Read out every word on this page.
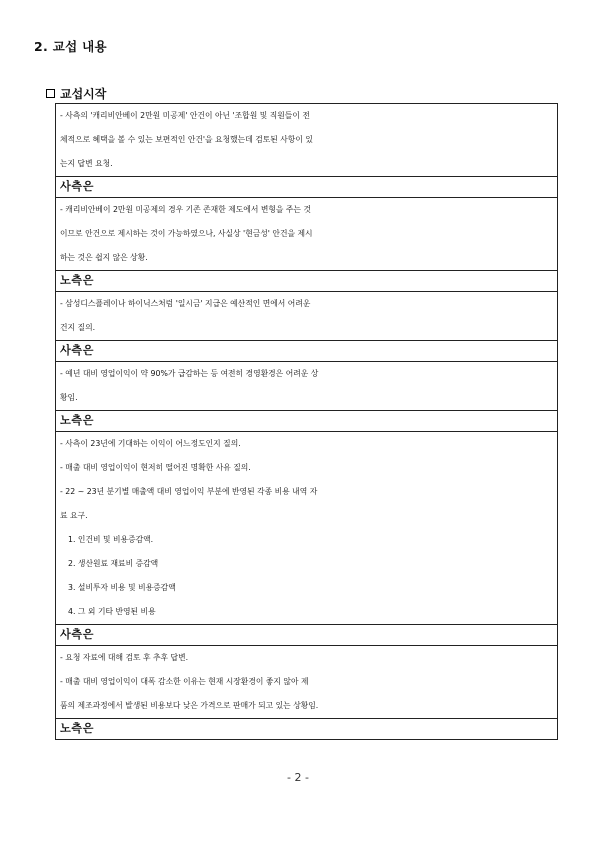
2. 교섭 내용
교섭시작
- 사측의 '캐리비안베이 2만원 미공제' 안건이 아닌 '조합원 및 직원들이 전
체적으로 혜택을 볼 수 있는 보편적인 안건'을 요청했는데 검토된 사항이 있
는지 답변 요청.

사측은

- 캐리비안베이 2만원 미공제의 경우 기존 존재한 제도에서 변형을 주는 것
이므로 안건으로 제시하는 것이 가능하였으나, 사실상 '현금성' 안건을 제시
하는 것은 쉽지 않은 상황.

노측은

- 삼성디스플레이나 하이닉스처럼 '일시금' 지급은 예산적인 면에서 어려운
건지 질의.

사측은

- 예년 대비 영업이익이 약 90%가 급감하는 등 여전히 경영환경은 어려운 상
황임.

노측은

- 사측이 23년에 기대하는 이익이 어느정도인지 질의.
- 매출 대비 영업이익이 현저히 떨어진 명확한 사유 질의.
- 22 ~ 23년 분기별 매출액 대비 영업이익 부분에 반영된 각종 비용 내역 자
료 요구.
1. 인건비 및 비용증감액.
2. 생산원료 재료비 증감액
3. 설비투자 비용 및 비용증감액
4. 그 외 기타 반영된 비용

사측은

- 요청 자료에 대해 검토 후 추후 답변.
- 매출 대비 영업이익이 대폭 감소한 이유는 현재 시장환경이 좋지 않아 제
품의 제조과정에서 발생된 비용보다 낮은 가격으로 판매가 되고 있는 상황임.

노측은
- 2 -
